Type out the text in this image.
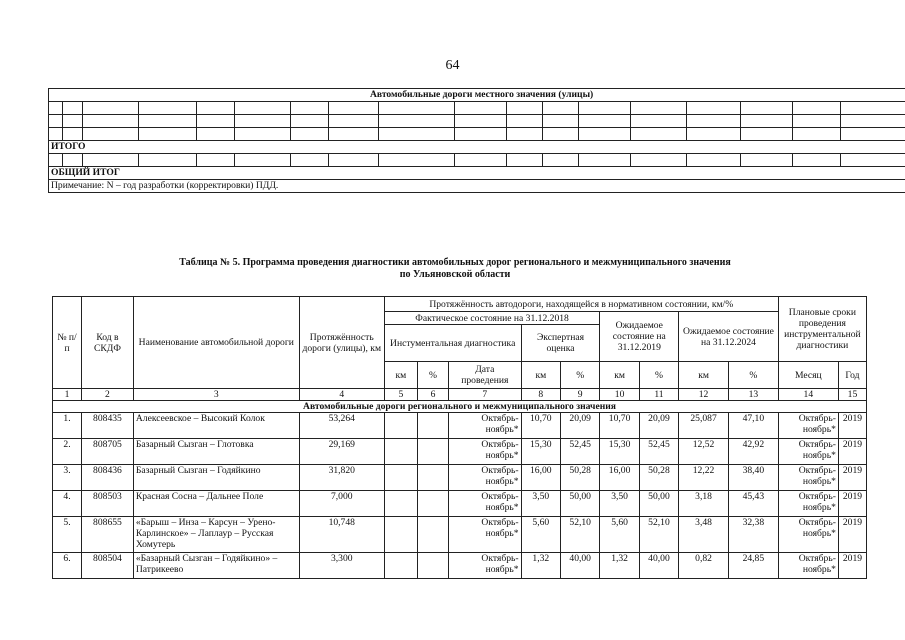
64
Автомобильные дороги местного значения (улицы)																	

ИТОГО																	

ОБЩИЙ ИТОГ																	
Примечание: N – год разработки (корректировки) ПДД.																	
Таблица № 5. Программа проведения диагностики автомобильных дорог регионального и межмуниципального значения
по Ульяновской области
№ п/п	Код в СКДФ	Наименование автомобильной дороги	Протяжённость дороги (улицы), км	Протяжённость автодороги, находящейся в нормативном состоянии, км/%									Плановые сроки проведения инструментальной диагностики	
				Фактическое состояние на 31.12.2018					Ожидаемое состояние на 31.12.2019		Ожидаемое состояние на 31.12.2024			
				Инстументальная диагностика			Экспертная оценка							
				км	%	Дата проведения	км	%	км	%	км	%	Месяц	Год
1	2	3	4	5	6	7	8	9	10	11	12	13	14	15
Автомобильные дороги регионального и межмуниципального значения														
1.	808435	Алексеевское – Высокий Колок	53,264			Октябрь-ноябрь*	10,70	20,09	10,70	20,09	25,087	47,10	Октябрь-ноябрь*	2019
2.	808705	Базарный Сызган – Глотовка	29,169			Октябрь-ноябрь*	15,30	52,45	15,30	52,45	12,52	42,92	Октябрь-ноябрь*	2019
3.	808436	Базарный Сызган – Годяйкино	31,820			Октябрь-ноябрь*	16,00	50,28	16,00	50,28	12,22	38,40	Октябрь-ноябрь*	2019
4.	808503	Красная Сосна – Дальнее Поле	7,000			Октябрь-ноябрь*	3,50	50,00	3,50	50,00	3,18	45,43	Октябрь-ноябрь*	2019
5.	808655	«Барыш – Инза – Карсун – Уренo-Карлинское» – Лаплаур – Русская Хомутерь	10,748			Октябрь-ноябрь*	5,60	52,10	5,60	52,10	3,48	32,38	Октябрь-ноябрь*	2019
6.	808504	«Базарный Сызган – Годяйкино» – Патрикеево	3,300			Октябрь-ноябрь*	1,32	40,00	1,32	40,00	0,82	24,85	Октябрь-ноябрь*	2019
